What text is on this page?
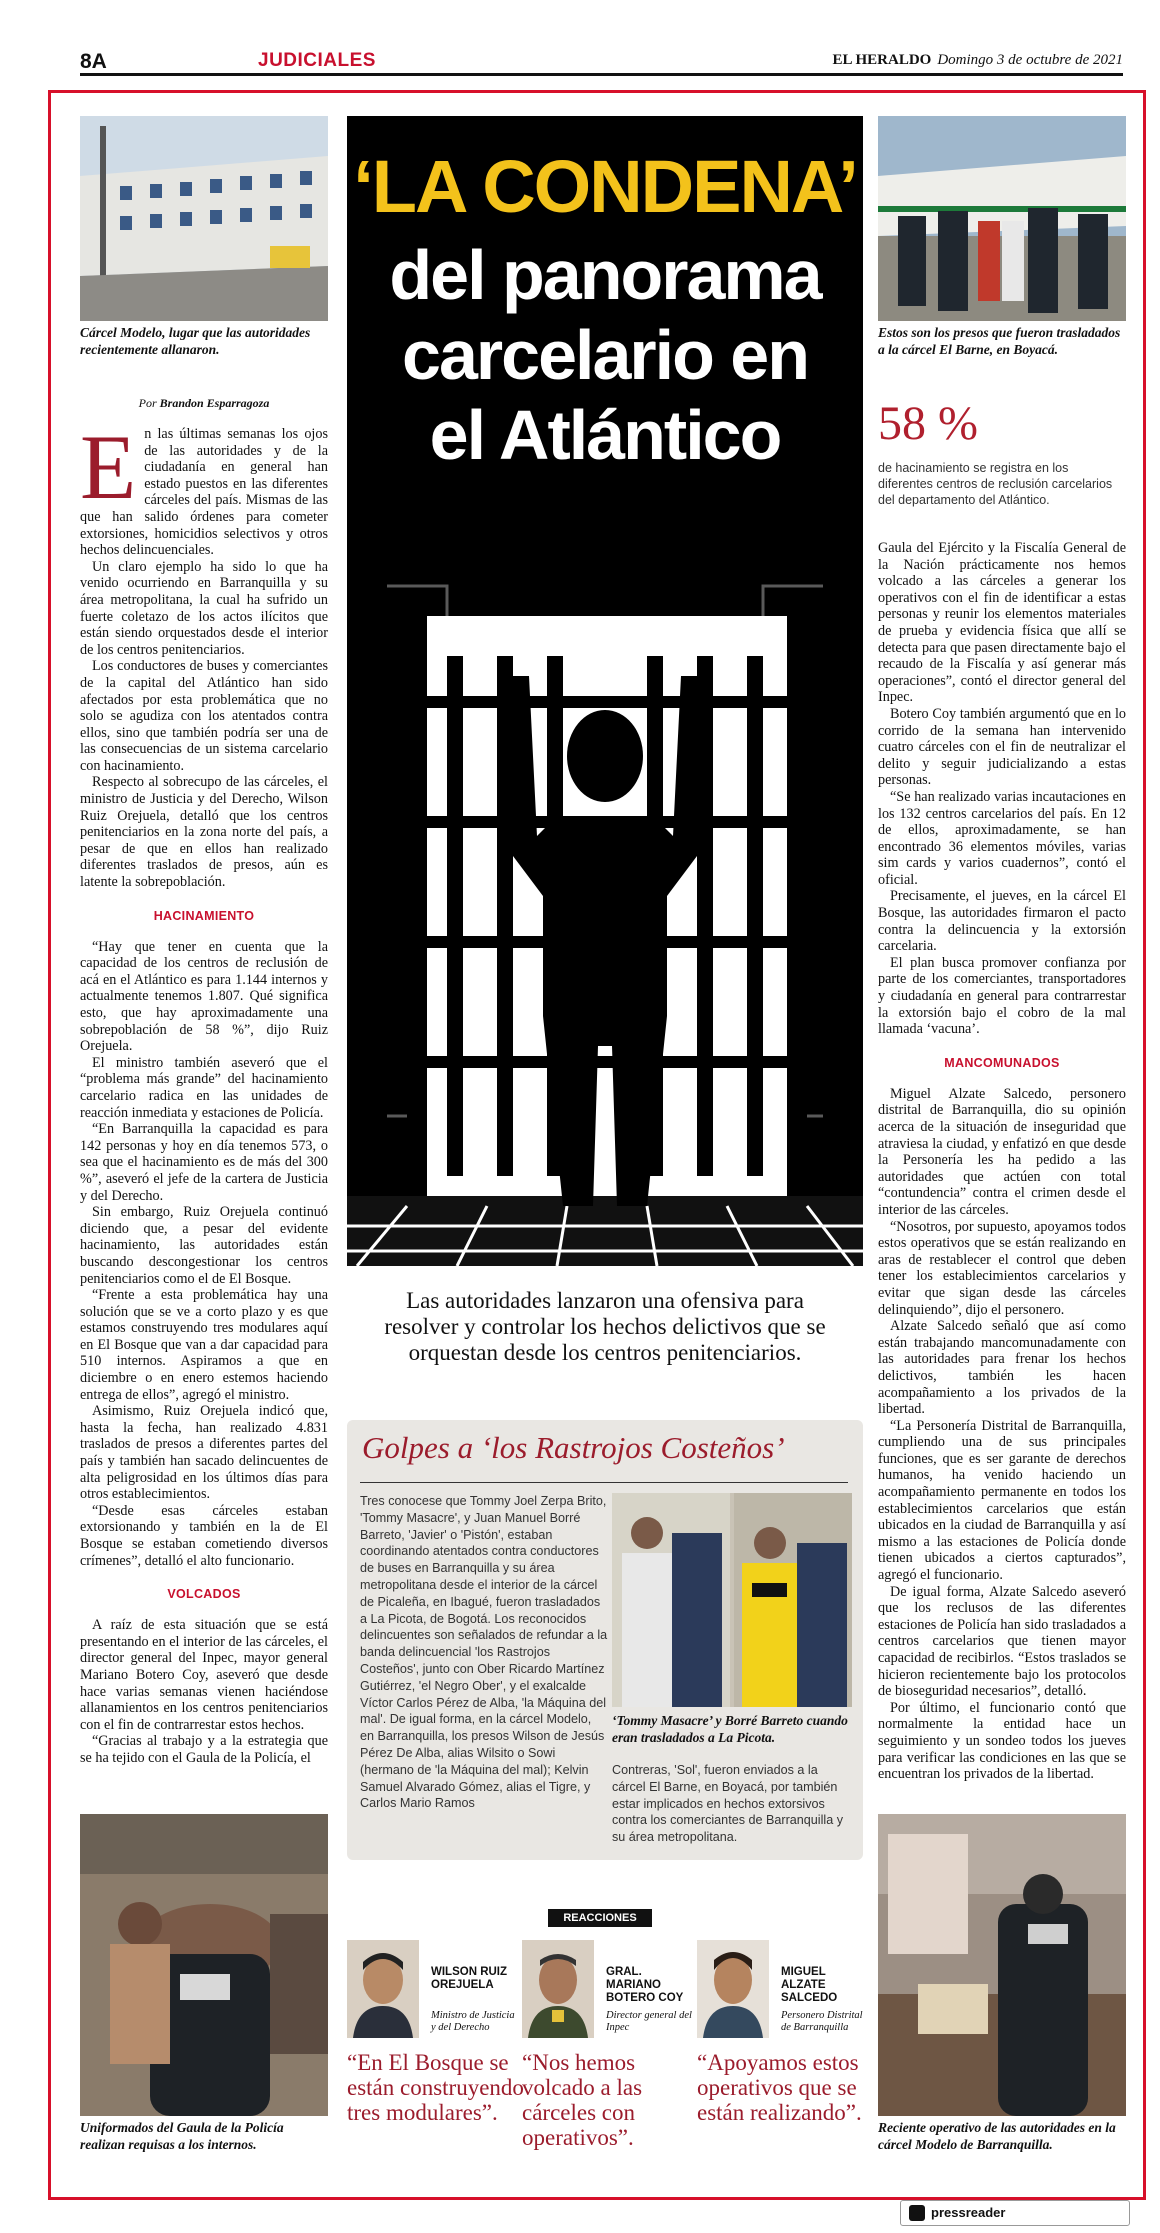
8A	JUDICIALES	EL HERALDO Domingo 3 de octubre de 2021
Cárcel Modelo, lugar que las autoridades recientemente allanaron.
Por Brandon Esparragoza

En las últimas semanas los ojos de las autoridades y de la ciudadanía en general han estado puestos en las diferentes cárceles del país. Mismas de las que han salido órdenes para cometer extorsiones, homicidios selectivos y otros hechos delincuenciales.

Un claro ejemplo ha sido lo que ha venido ocurriendo en Barranquilla y su área metropolitana, la cual ha sufrido un fuerte coletazo de los actos ilícitos que están siendo orquestados desde el interior de los centros penitenciarios.

Los conductores de buses y comerciantes de la capital del Atlántico han sido afectados por esta problemática que no solo se agudiza con los atentados contra ellos, sino que también podría ser una de las consecuencias de un sistema carcelario con hacinamiento.

Respecto al sobrecupo de las cárceles, el ministro de Justicia y del Derecho, Wilson Ruiz Orejuela, detalló que los centros penitenciarios en la zona norte del país, a pesar de que en ellos han realizado diferentes traslados de presos, aún es latente la sobrepoblación.

HACINAMIENTO

“Hay que tener en cuenta que la capacidad de los centros de reclusión de acá en el Atlántico es para 1.144 internos y actualmente tenemos 1.807. Qué significa esto, que hay aproximadamente una sobrepoblación de 58 %”, dijo Ruiz Orejuela.

El ministro también aseveró que el “problema más grande” del hacinamiento carcelario radica en las unidades de reacción inmediata y estaciones de Policía.

“En Barranquilla la capacidad es para 142 personas y hoy en día tenemos 573, o sea que el hacinamiento es de más del 300 %”, aseveró el jefe de la cartera de Justicia y del Derecho.

Sin embargo, Ruiz Orejuela continuó diciendo que, a pesar del evidente hacinamiento, las autoridades están buscando descongestionar los centros penitenciarios como el de El Bosque.

“Frente a esta problemática hay una solución que se ve a corto plazo y es que estamos construyendo tres modulares aquí en El Bosque que van a dar capacidad para 510 internos. Aspiramos a que en diciembre o en enero estemos haciendo entrega de ellos”, agregó el ministro.

Asimismo, Ruiz Orejuela indicó que, hasta la fecha, han realizado 4.831 traslados de presos a diferentes partes del país y también han sacado delincuentes de alta peligrosidad en los últimos días para otros establecimientos.

“Desde esas cárceles estaban extorsionando y también en la de El Bosque se estaban cometiendo diversos crímenes”, detalló el alto funcionario.

VOLCADOS

A raíz de esta situación que se está presentando en el interior de las cárceles, el director general del Inpec, mayor general Mariano Botero Coy, aseveró que desde hace varias semanas vienen haciéndose allanamientos en los centros penitenciarios con el fin de contrarrestar estos hechos.

“Gracias al trabajo y a la estrategia que se ha tejido con el Gaula de la Policía, el

Uniformados del Gaula de la Policía realizan requisas a los internos.
‘LA CONDENA’
del panorama
carcelario en
el Atlántico
Las autoridades lanzaron una ofensiva para resolver y controlar los hechos delictivos que se orquestan desde los centros penitenciarios.
Golpes a ‘los Rastrojos Costeños’
Tres conocese que Tommy Joel Zerpa Brito, 'Tommy Masacre', y Juan Manuel Borré Barreto, 'Javier' o 'Pistón', estaban coordinando atentados contra conductores de buses en Barranquilla y su área metropolitana desde el interior de la cárcel de Picaleña, en Ibagué, fueron trasladados a La Picota, de Bogotá. Los reconocidos delincuentes son señalados de refundar a la banda delincuencial 'los Rastrojos Costeños', junto con Ober Ricardo Martínez Gutiérrez, 'el Negro Ober', y el exalcalde Víctor Carlos Pérez de Alba, 'la Máquina del mal'. De igual forma, en la cárcel Modelo, en Barranquilla, los presos Wilson de Jesús Pérez De Alba, alias Wilsito o Sowi (hermano de 'la Máquina del mal); Kelvin Samuel Alvarado Gómez, alias el Tigre, y Carlos Mario Ramos
‘Tommy Masacre’ y Borré Barreto cuando eran trasladados a La Picota.
Contreras, 'Sol', fueron enviados a la cárcel El Barne, en Boyacá, por también estar implicados en hechos extorsivos contra los comerciantes de Barranquilla y su área metropolitana.
REACCIONES
WILSON RUIZ OREJUELA
Ministro de Justicia y del Derecho
“En El Bosque se están construyendo tres modulares”.
GRAL. MARIANO BOTERO COY
Director general del Inpec
“Nos hemos volcado a las cárceles con operativos”.
MIGUEL ALZATE SALCEDO
Personero Distrital de Barranquilla
“Apoyamos estos operativos que se están realizando”.
Estos son los presos que fueron trasladados a la cárcel El Barne, en Boyacá.
58 %
de hacinamiento se registra en los diferentes centros de reclusión carcelarios del departamento del Atlántico.

Gaula del Ejército y la Fiscalía General de la Nación prácticamente nos hemos volcado a las cárceles a generar los operativos con el fin de identificar a estas personas y reunir los elementos materiales de prueba y evidencia física que allí se detecta para que pasen directamente bajo el recaudo de la Fiscalía y así generar más operaciones”, contó el director general del Inpec.

Botero Coy también argumentó que en lo corrido de la semana han intervenido cuatro cárceles con el fin de neutralizar el delito y seguir judicializando a estas personas.

“Se han realizado varias incautaciones en los 132 centros carcelarios del país. En 12 de ellos, aproximadamente, se han encontrado 36 elementos móviles, varias sim cards y varios cuadernos”, contó el oficial.

Precisamente, el jueves, en la cárcel El Bosque, las autoridades firmaron el pacto contra la delincuencia y la extorsión carcelaria.

El plan busca promover confianza por parte de los comerciantes, transportadores y ciudadanía en general para contrarrestar la extorsión bajo el cobro de la mal llamada ‘vacuna’.

MANCOMUNADOS

Miguel Alzate Salcedo, personero distrital de Barranquilla, dio su opinión acerca de la situación de inseguridad que atraviesa la ciudad, y enfatizó en que desde la Personería les ha pedido a las autoridades que actúen con total “contundencia” contra el crimen desde el interior de las cárceles.

“Nosotros, por supuesto, apoyamos todos estos operativos que se están realizando en aras de restablecer el control que deben tener los establecimientos carcelarios y evitar que sigan desde las cárceles delinquiendo”, dijo el personero.

Alzate Salcedo señaló que así como están trabajando mancomunadamente con las autoridades para frenar los hechos delictivos, también les hacen acompañamiento a los privados de la libertad.

“La Personería Distrital de Barranquilla, cumpliendo una de sus principales funciones, que es ser garante de derechos humanos, ha venido haciendo un acompañamiento permanente en todos los establecimientos carcelarios que están ubicados en la ciudad de Barranquilla y así mismo a las estaciones de Policía donde tienen ubicados a ciertos capturados”, agregó el funcionario.

De igual forma, Alzate Salcedo aseveró que los reclusos de las diferentes estaciones de Policía han sido trasladados a centros carcelarios que tienen mayor capacidad de recibirlos. “Estos traslados se hicieron recientemente bajo los protocolos de bioseguridad necesarios”, detalló.

Por último, el funcionario contó que normalmente la entidad hace un seguimiento y un sondeo todos los jueves para verificar las condiciones en las que se encuentran los privados de la libertad.

Reciente operativo de las autoridades en la cárcel Modelo de Barranquilla.
pressreader
